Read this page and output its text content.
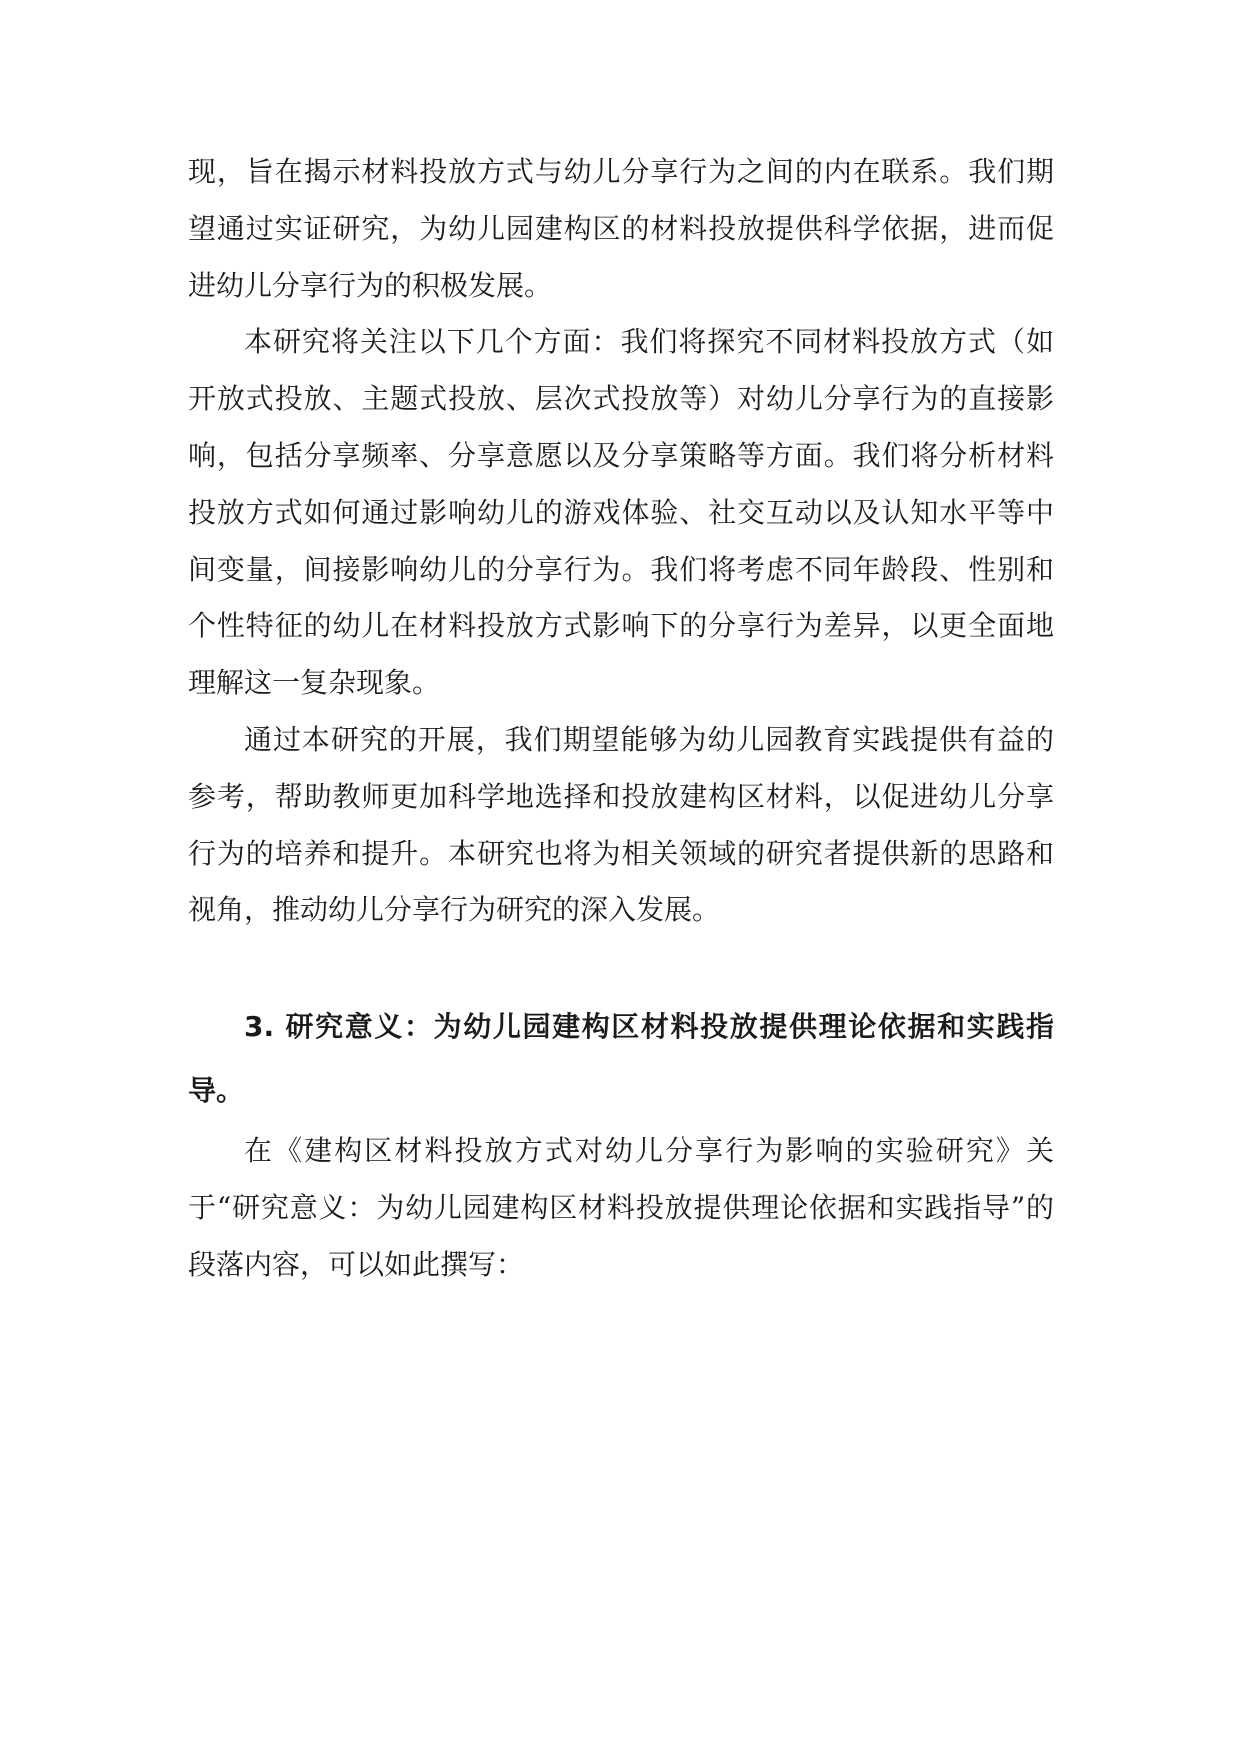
现，旨在揭示材料投放方式与幼儿分享行为之间的内在联系。我们期望通过实证研究，为幼儿园建构区的材料投放提供科学依据，进而促进幼儿分享行为的积极发展。

本研究将关注以下几个方面：我们将探究不同材料投放方式（如开放式投放、主题式投放、层次式投放等）对幼儿分享行为的直接影响，包括分享频率、分享意愿以及分享策略等方面。我们将分析材料投放方式如何通过影响幼儿的游戏体验、社交互动以及认知水平等中间变量，间接影响幼儿的分享行为。我们将考虑不同年龄段、性别和个性特征的幼儿在材料投放方式影响下的分享行为差异，以更全面地理解这一复杂现象。

通过本研究的开展，我们期望能够为幼儿园教育实践提供有益的参考，帮助教师更加科学地选择和投放建构区材料，以促进幼儿分享行为的培养和提升。本研究也将为相关领域的研究者提供新的思路和视角，推动幼儿分享行为研究的深入发展。

3. 研究意义：为幼儿园建构区材料投放提供理论依据和实践指导。

在《建构区材料投放方式对幼儿分享行为影响的实验研究》关于“研究意义：为幼儿园建构区材料投放提供理论依据和实践指导”的段落内容，可以如此撰写：
